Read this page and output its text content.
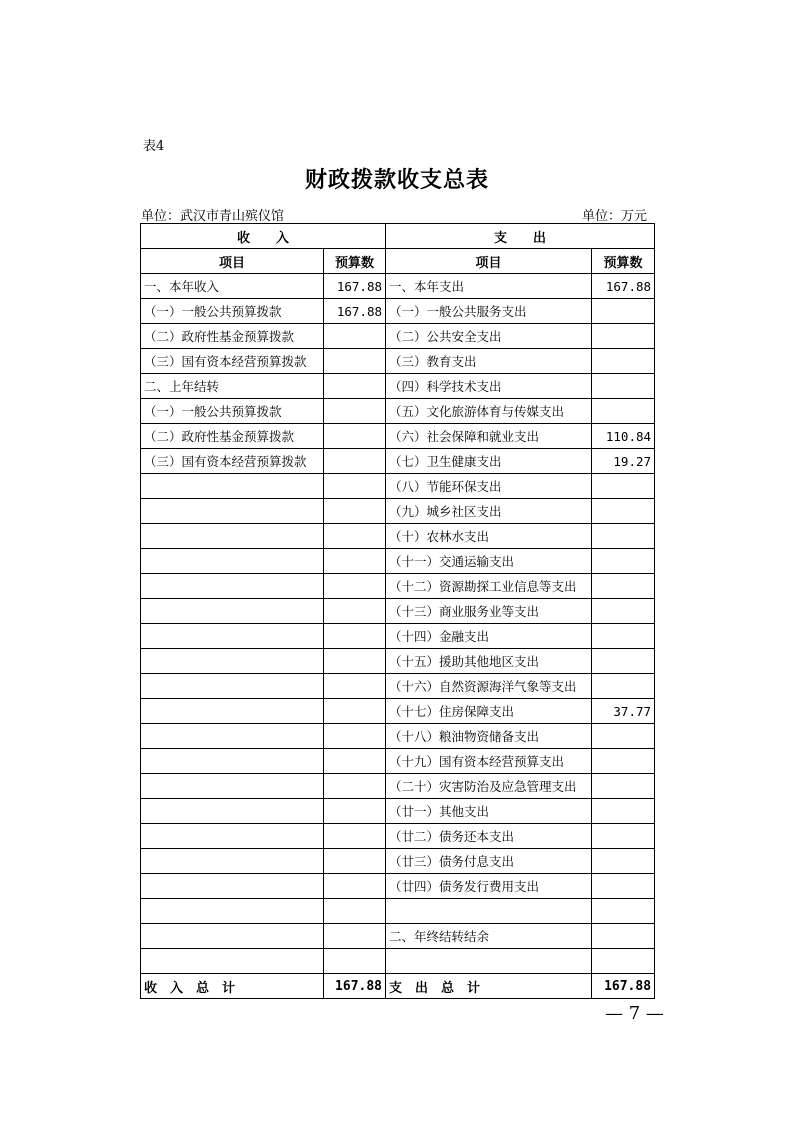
表4
财政拨款收支总表
单位：武汉市青山殡仪馆	单位：万元
收　　入		支　　出	
项目	预算数	项目	预算数
一、本年收入	167.88	一、本年支出	167.88
（一）一般公共预算拨款	167.88	（一）一般公共服务支出	
（二）政府性基金预算拨款		（二）公共安全支出	
（三）国有资本经营预算拨款		（三）教育支出	
二、上年结转		（四）科学技术支出	
（一）一般公共预算拨款		（五）文化旅游体育与传媒支出	
（二）政府性基金预算拨款		（六）社会保障和就业支出	110.84
（三）国有资本经营预算拨款		（七）卫生健康支出	19.27
		（八）节能环保支出	
		（九）城乡社区支出	
		（十）农林水支出	
		（十一）交通运输支出	
		（十二）资源勘探工业信息等支出	
		（十三）商业服务业等支出	
		（十四）金融支出	
		（十五）援助其他地区支出	
		（十六）自然资源海洋气象等支出	
		（十七）住房保障支出	37.77
		（十八）粮油物资储备支出	
		（十九）国有资本经营预算支出	
		（二十）灾害防治及应急管理支出	
		（廿一）其他支出	
		（廿二）债务还本支出	
		（廿三）债务付息支出	
		（廿四）债务发行费用支出	

		二、年终结转结余	

收　入　总　计	167.88	支　出　总　计	167.88
— 7 —
